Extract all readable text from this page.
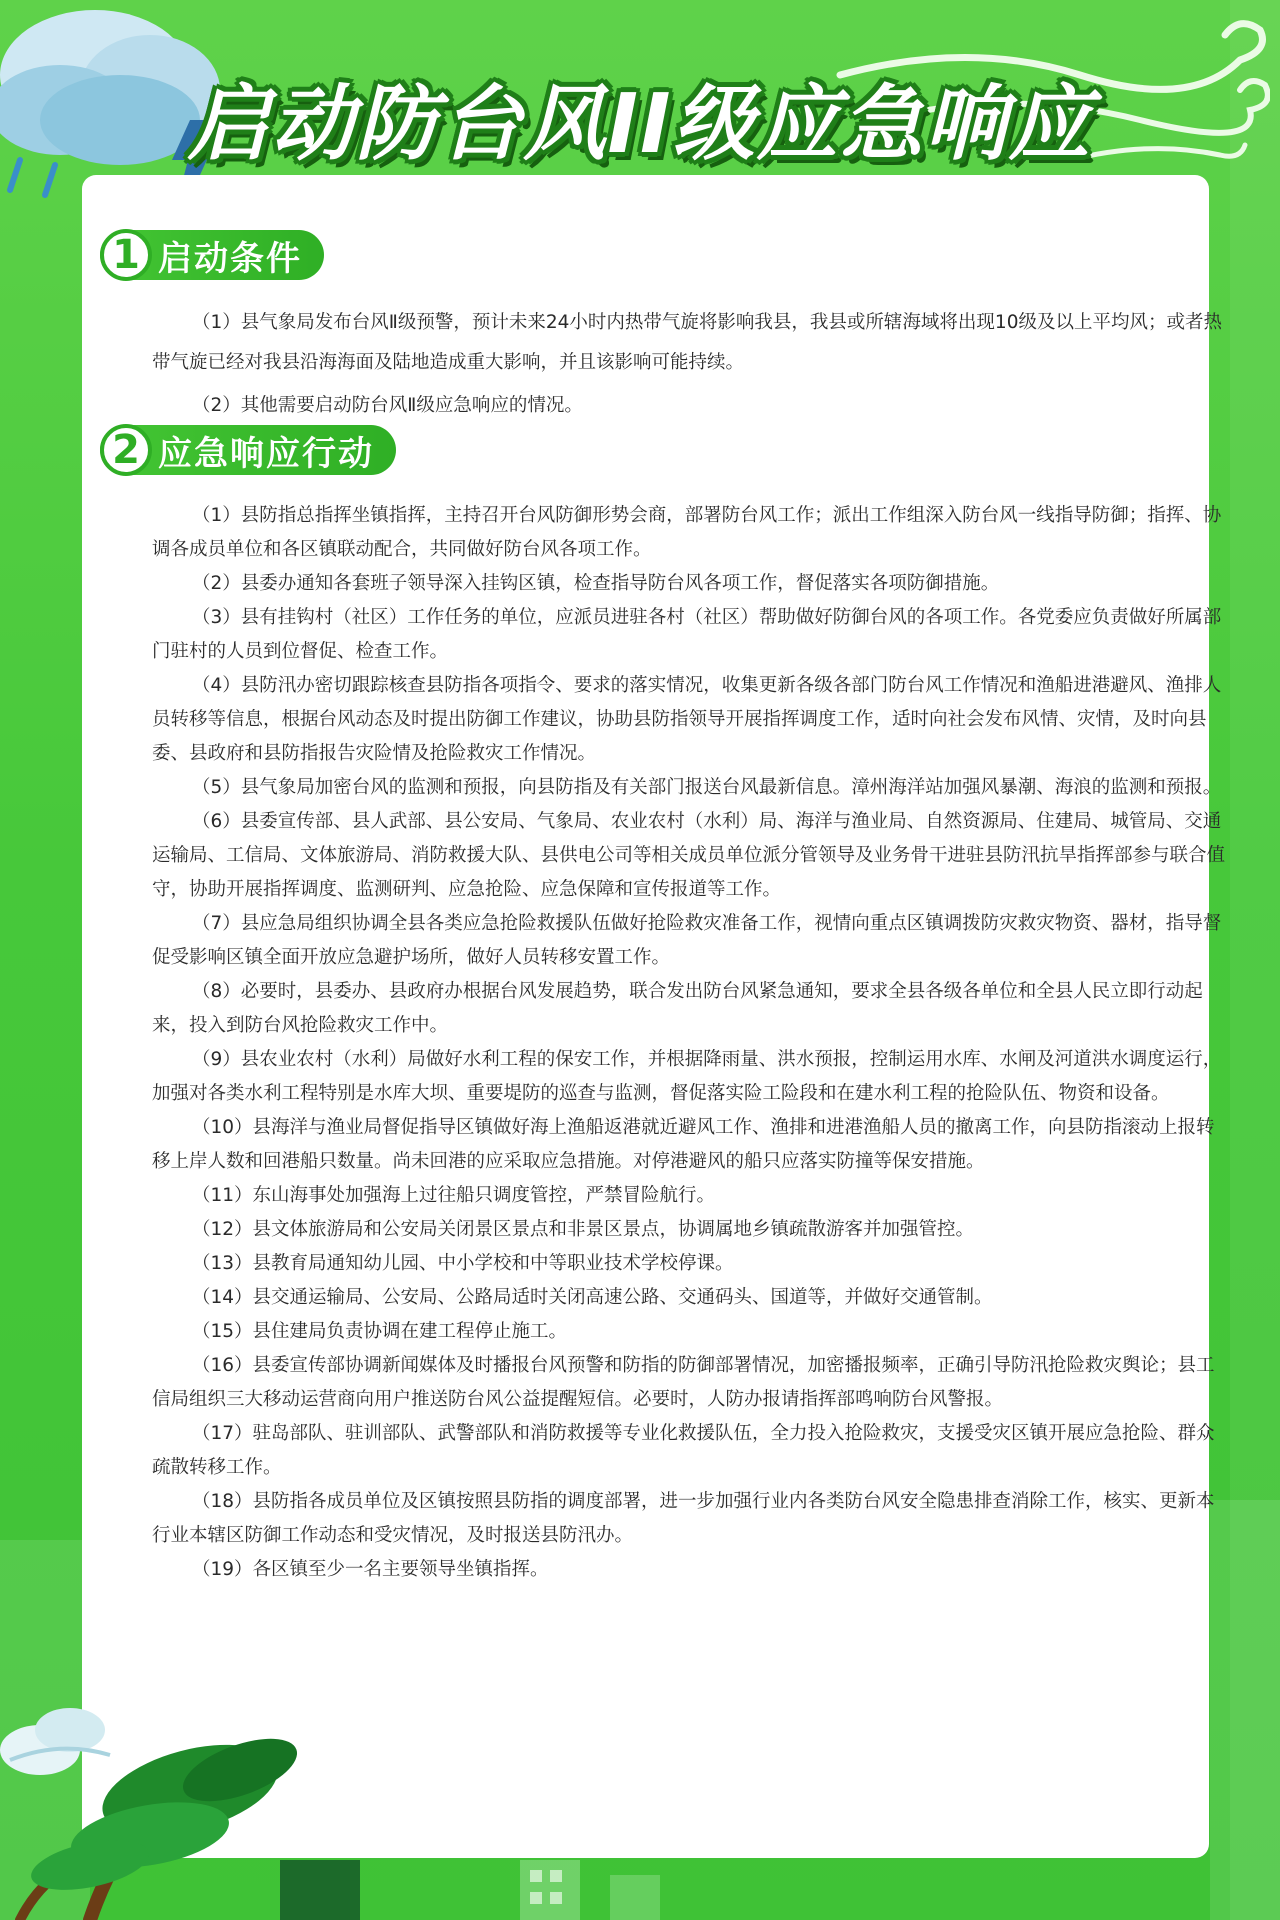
启动防台风II级应急响应
1 启动条件

（1）县气象局发布台风Ⅱ级预警，预计未来24小时内热带气旋将影响我县，我县或所辖海域将出现10级及以上平均风；或者热带气旋已经对我县沿海海面及陆地造成重大影响，并且该影响可能持续。

（2）其他需要启动防台风Ⅱ级应急响应的情况。

2 应急响应行动

（1）县防指总指挥坐镇指挥，主持召开台风防御形势会商，部署防台风工作；派出工作组深入防台风一线指导防御；指挥、协调各成员单位和各区镇联动配合，共同做好防台风各项工作。

（2）县委办通知各套班子领导深入挂钩区镇，检查指导防台风各项工作，督促落实各项防御措施。

（3）县有挂钩村（社区）工作任务的单位，应派员进驻各村（社区）帮助做好防御台风的各项工作。各党委应负责做好所属部门驻村的人员到位督促、检查工作。

（4）县防汛办密切跟踪核查县防指各项指令、要求的落实情况，收集更新各级各部门防台风工作情况和渔船进港避风、渔排人员转移等信息，根据台风动态及时提出防御工作建议，协助县防指领导开展指挥调度工作，适时向社会发布风情、灾情，及时向县委、县政府和县防指报告灾险情及抢险救灾工作情况。

（5）县气象局加密台风的监测和预报，向县防指及有关部门报送台风最新信息。漳州海洋站加强风暴潮、海浪的监测和预报。

（6）县委宣传部、县人武部、县公安局、气象局、农业农村（水利）局、海洋与渔业局、自然资源局、住建局、城管局、交通运输局、工信局、文体旅游局、消防救援大队、县供电公司等相关成员单位派分管领导及业务骨干进驻县防汛抗旱指挥部参与联合值守，协助开展指挥调度、监测研判、应急抢险、应急保障和宣传报道等工作。

（7）县应急局组织协调全县各类应急抢险救援队伍做好抢险救灾准备工作，视情向重点区镇调拨防灾救灾物资、器材，指导督促受影响区镇全面开放应急避护场所，做好人员转移安置工作。

（8）必要时，县委办、县政府办根据台风发展趋势，联合发出防台风紧急通知，要求全县各级各单位和全县人民立即行动起来，投入到防台风抢险救灾工作中。

（9）县农业农村（水利）局做好水利工程的保安工作，并根据降雨量、洪水预报，控制运用水库、水闸及河道洪水调度运行，加强对各类水利工程特别是水库大坝、重要堤防的巡查与监测，督促落实险工险段和在建水利工程的抢险队伍、物资和设备。

（10）县海洋与渔业局督促指导区镇做好海上渔船返港就近避风工作、渔排和进港渔船人员的撤离工作，向县防指滚动上报转移上岸人数和回港船只数量。尚未回港的应采取应急措施。对停港避风的船只应落实防撞等保安措施。

（11）东山海事处加强海上过往船只调度管控，严禁冒险航行。

（12）县文体旅游局和公安局关闭景区景点和非景区景点，协调属地乡镇疏散游客并加强管控。

（13）县教育局通知幼儿园、中小学校和中等职业技术学校停课。

（14）县交通运输局、公安局、公路局适时关闭高速公路、交通码头、国道等，并做好交通管制。

（15）县住建局负责协调在建工程停止施工。

（16）县委宣传部协调新闻媒体及时播报台风预警和防指的防御部署情况，加密播报频率，正确引导防汛抢险救灾舆论；县工信局组织三大移动运营商向用户推送防台风公益提醒短信。必要时，人防办报请指挥部鸣响防台风警报。

（17）驻岛部队、驻训部队、武警部队和消防救援等专业化救援队伍，全力投入抢险救灾，支援受灾区镇开展应急抢险、群众疏散转移工作。

（18）县防指各成员单位及区镇按照县防指的调度部署，进一步加强行业内各类防台风安全隐患排查消除工作，核实、更新本行业本辖区防御工作动态和受灾情况，及时报送县防汛办。

（19）各区镇至少一名主要领导坐镇指挥。
